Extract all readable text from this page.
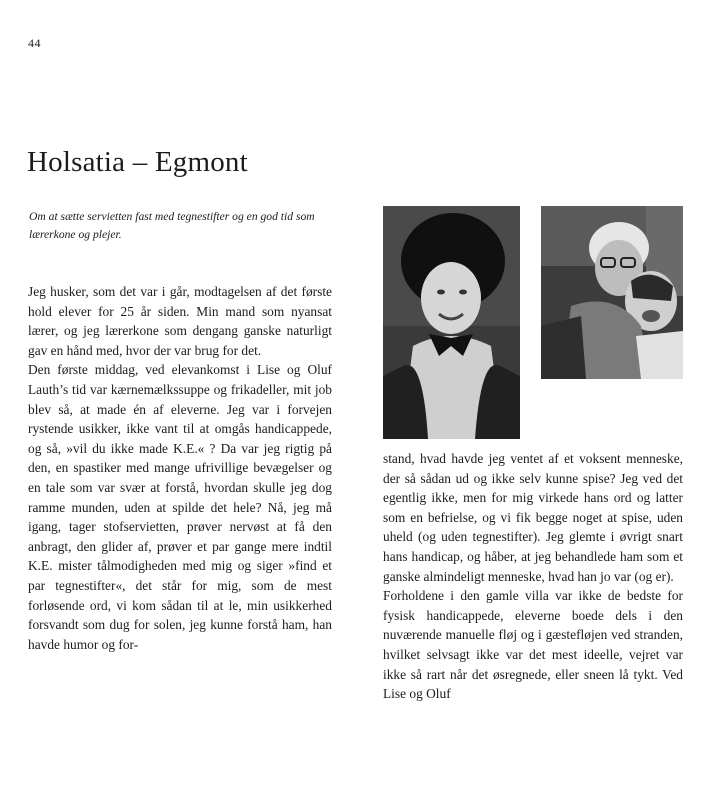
44
Holsatia – Egmont

Om at sætte servietten fast med tegnestifter og en god tid som lærerkone og plejer.

Jeg husker, som det var i går, modtagelsen af det første hold elever for 25 år siden. Min mand som nyansat lærer, og jeg lærerkone som dengang ganske naturligt gav en hånd med, hvor der var brug for det.

Den første middag, ved elevankomst i Lise og Oluf Lauth’s tid var kærnemælkssuppe og frikadeller, mit job blev så, at made én af eleverne. Jeg var i forvejen rystende usikker, ikke vant til at omgås handicappede, og så, »vil du ikke made K.E.« ? Da var jeg rigtig på den, en spastiker med mange ufrivillige bevægelser og en tale som var svær at forstå, hvordan skulle jeg dog ramme munden, uden at spilde det hele? Nå, jeg må igang, tager stofservietten, prøver nervøst at få den anbragt, den glider af, prøver et par gange mere indtil K.E. mister tålmodigheden med mig og siger »find et par tegnestifter«, det står for mig, som de mest forløsende ord, vi kom sådan til at le, min usikkerhed forsvandt som dug for solen, jeg kunne forstå ham, han havde humor og for-

stand, hvad havde jeg ventet af et voksent menneske, der så sådan ud og ikke selv kunne spise? Jeg ved det egentlig ikke, men for mig virkede hans ord og latter som en befrielse, og vi fik begge noget at spise, uden uheld (og uden tegnestifter). Jeg glemte i øvrigt snart hans handicap, og håber, at jeg behandlede ham som et ganske almindeligt menneske, hvad han jo var (og er).

Forholdene i den gamle villa var ikke de bedste for fysisk handicappede, eleverne boede dels i den nuværende manuelle fløj og i gæstefløjen ved stranden, hvilket selvsagt ikke var det mest ideelle, vejret var ikke så rart når det øsregnede, eller sneen lå tykt. Ved Lise og Oluf
